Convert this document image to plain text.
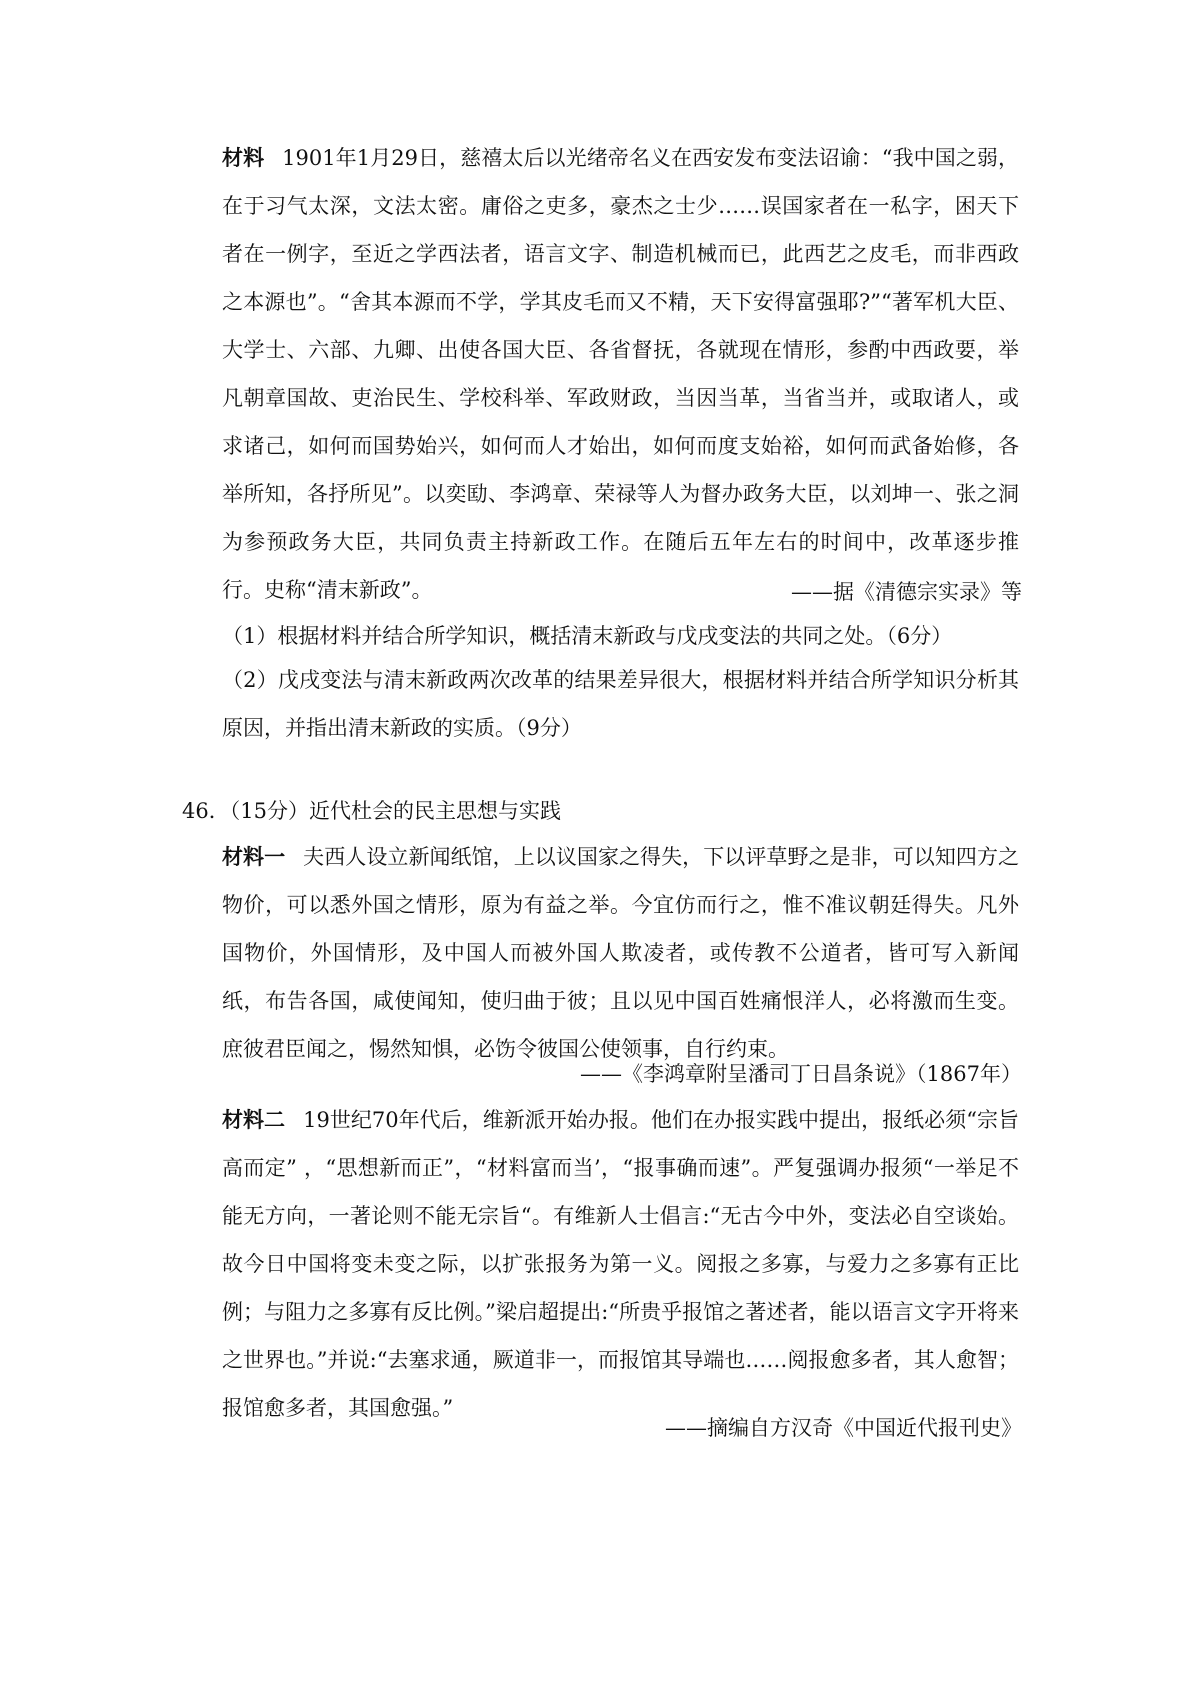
材料 1901年1月29日，慈禧太后以光绪帝名义在西安发布变法诏谕：“我中国之弱，在于习气太深，文法太密。庸俗之吏多，豪杰之士少……误国家者在一私字，困天下者在一例字，至近之学西法者，语言文字、制造机械而已，此西艺之皮毛，而非西政之本源也”。“舍其本源而不学，学其皮毛而又不精，天下安得富强耶?”“著军机大臣、大学士、六部、九卿、出使各国大臣、各省督抚，各就现在情形，参酌中西政要，举凡朝章国故、吏治民生、学校科举、军政财政，当因当革，当省当并，或取诸人，或求诸己，如何而国势始兴，如何而人才始出，如何而度支始裕，如何而武备始修，各举所知，各抒所见”。以奕劻、李鸿章、荣禄等人为督办政务大臣，以刘坤一、张之洞为参预政务大臣，共同负责主持新政工作。在随后五年左右的时间中，改革逐步推行。史称“清末新政”。	——据《清德宗实录》等

（1）根据材料并结合所学知识，概括清末新政与戊戌变法的共同之处。（6分）

（2）戊戌变法与清末新政两次改革的结果差异很大，根据材料并结合所学知识分析其原因，并指出清末新政的实质。（9分）

46．（15分）近代杜会的民主思想与实践

材料一 夫西人设立新闻纸馆，上以议国家之得失，下以评草野之是非，可以知四方之物价，可以悉外国之情形，原为有益之举。今宜仿而行之，惟不准议朝廷得失。凡外国物价，外国情形，及中国人而被外国人欺凌者，或传教不公道者，皆可写入新闻纸，布告各国，咸使闻知，使归曲于彼；且以见中国百姓痛恨洋人，必将激而生变。庶彼君臣闻之，惕然知惧，必饬令彼国公使领事，自行约束。

——《李鸿章附呈潘司丁日昌条说》（1867年）

材料二 19世纪70年代后，维新派开始办报。他们在办报实践中提出，报纸必须“宗旨高而定” ，“思想新而正”，“材料富而当’，“报事确而速”。严复强调办报须“一举足不能无方向，一著论则不能无宗旨“。有维新人士倡言:“无古今中外，变法必自空谈始。故今日中国将变未变之际，以扩张报务为第一义。阅报之多寡，与爱力之多寡有正比例；与阻力之多寡有反比例。”梁启超提出:“所贵乎报馆之著述者，能以语言文字开将来之世界也。”并说:“去塞求通，厥道非一，而报馆其导端也……阅报愈多者，其人愈智；报馆愈多者，其国愈强。”

——摘编自方汉奇《中国近代报刊史》
